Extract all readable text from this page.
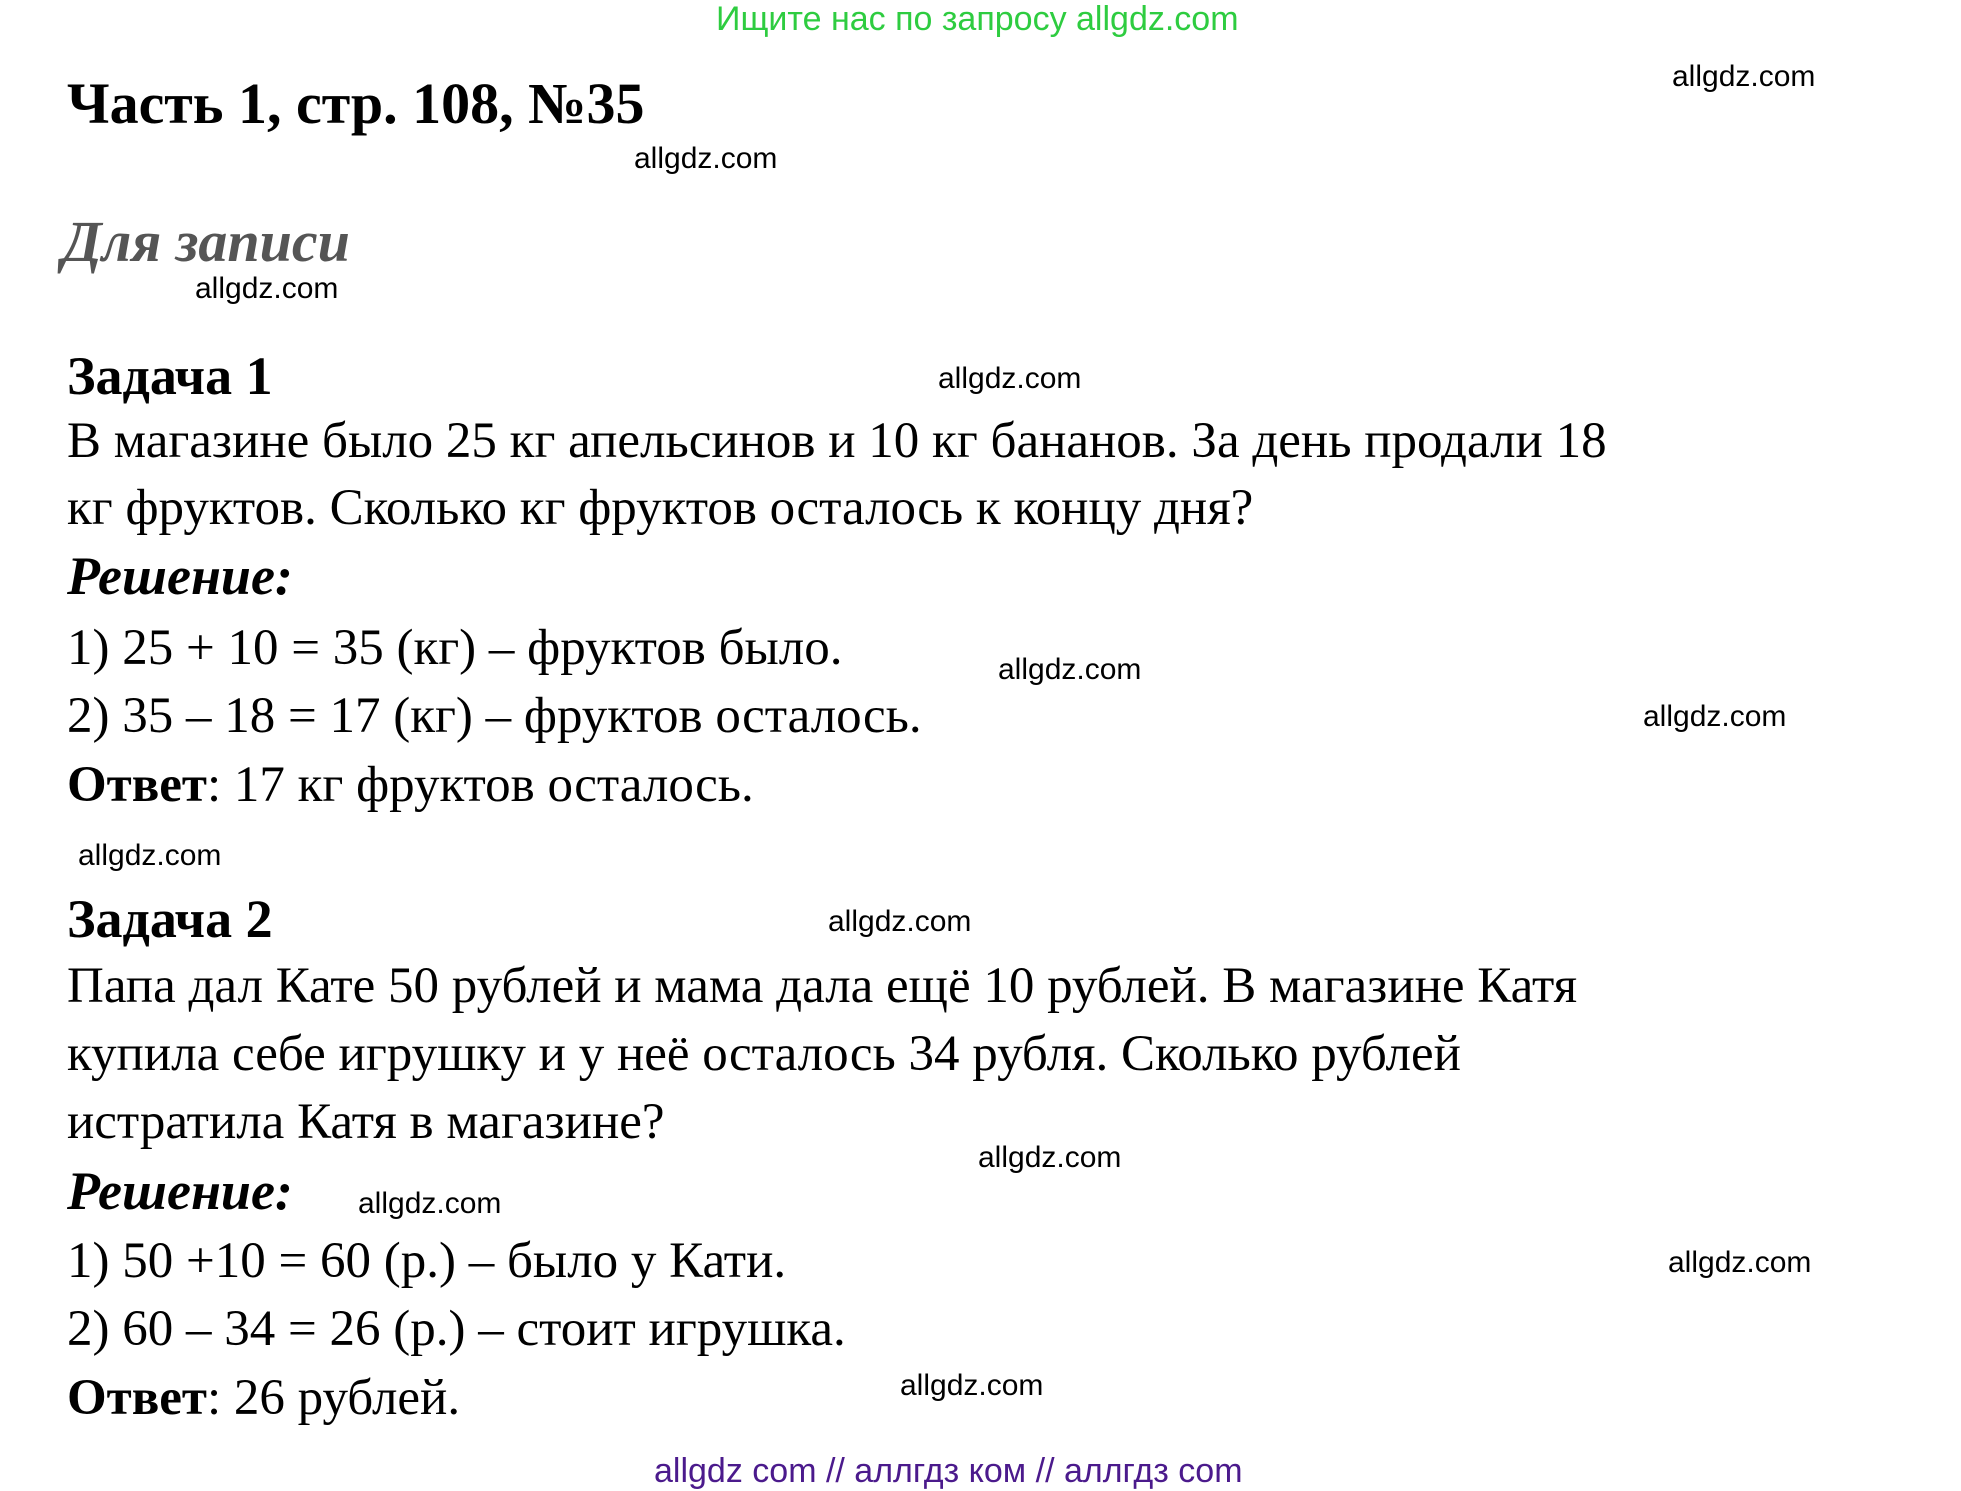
Ищите нас по запросу allgdz.com
Часть 1, стр. 108, №35
Для записи
Задача 1
В магазине было 25 кг апельсинов и 10 кг бананов. За день продали 18
кг фруктов. Сколько кг фруктов осталось к концу дня?
Решение:
1) 25 + 10 = 35 (кг) – фруктов было.
2) 35 – 18 = 17 (кг) – фруктов осталось.
Ответ: 17 кг фруктов осталось.
Задача 2
Папа дал Кате 50 рублей и мама дала ещё 10 рублей. В магазине Катя
купила себе игрушку и у неё осталось 34 рубля. Сколько рублей
истратила Катя в магазине?
Решение:
1) 50 +10 = 60 (р.) – было у Кати.
2) 60 – 34 = 26 (р.) – стоит игрушка.
Ответ: 26 рублей.
allgdz.com
allgdz.com
allgdz.com
allgdz.com
allgdz.com
allgdz.com
allgdz.com
allgdz.com
allgdz.com
allgdz.com
allgdz.com
allgdz.com
allgdz com // аллгдз ком // аллгдз com
